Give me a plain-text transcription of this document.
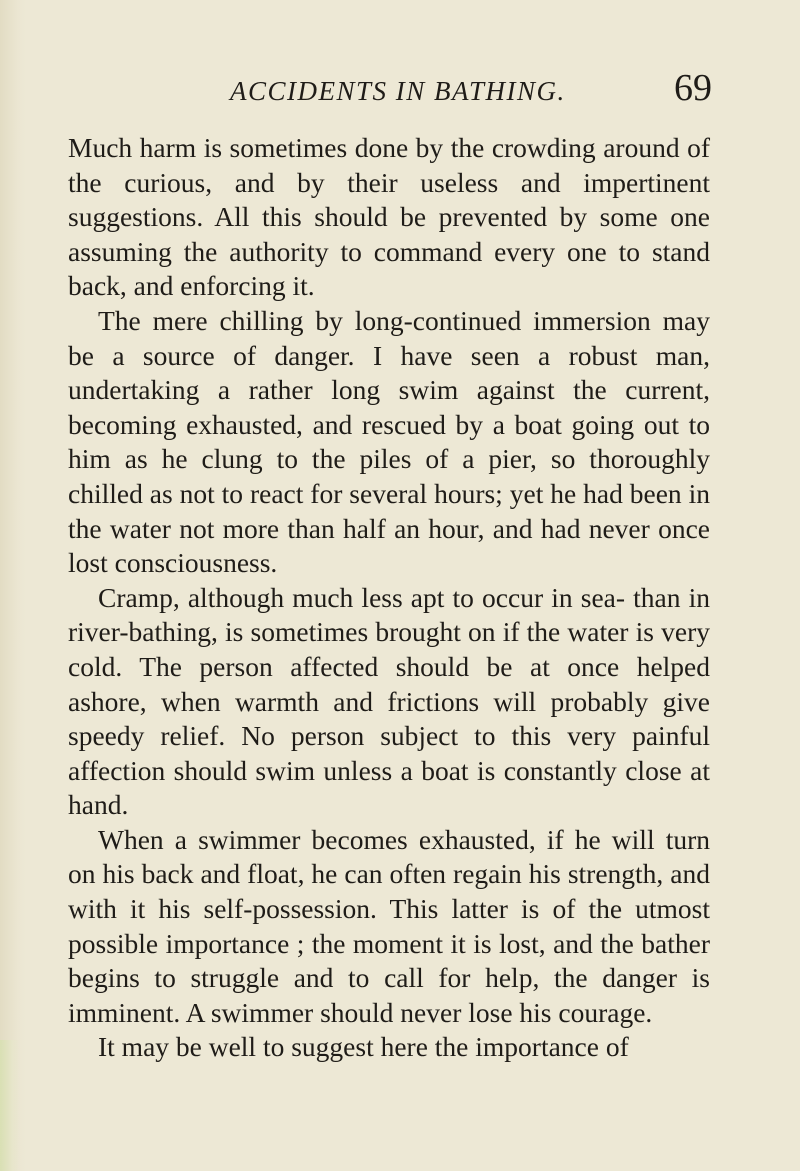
ACCIDENTS IN BATHING.	69

Much harm is sometimes done by the crowding around of the curious, and by their useless and impertinent suggestions. All this should be prevented by some one assuming the authority to command every one to stand back, and enforcing it.

The mere chilling by long-continued immersion may be a source of danger. I have seen a robust man, undertaking a rather long swim against the current, becoming exhausted, and rescued by a boat going out to him as he clung to the piles of a pier, so thoroughly chilled as not to react for several hours; yet he had been in the water not more than half an hour, and had never once lost consciousness.

Cramp, although much less apt to occur in sea- than in river-bathing, is sometimes brought on if the water is very cold. The person affected should be at once helped ashore, when warmth and frictions will probably give speedy relief. No person subject to this very painful affection should swim unless a boat is constantly close at hand.

When a swimmer becomes exhausted, if he will turn on his back and float, he can often regain his strength, and with it his self-possession. This latter is of the utmost possible importance ; the moment it is lost, and the bather begins to struggle and to call for help, the danger is imminent. A swimmer should never lose his courage.

It may be well to suggest here the importance of
